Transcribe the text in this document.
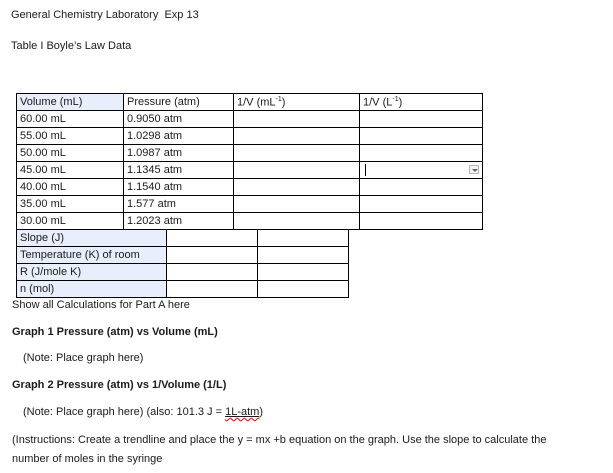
General Chemistry Laboratory Exp 13
Table I Boyle’s Law Data
Volume (mL)	Pressure (atm)	1/V $(mL^{-1})$	1/V $(L^{-1})$
60.00 mL	0.9050 atm		
55.00 mL	1.0298 atm		
50.00 mL	1.0987 atm		
45.00 mL	1.1345 atm		

40.00 mL	1.1540 atm		
35.00 mL	1.577 atm		
30.00 mL	1.2023 atm		
Slope (J)		
Temperature (K) of room		
R (J/mole K)		
n (mol)		
Show all Calculations for Part A here
Graph 1 Pressure (atm) vs Volume (mL)
(Note: Place graph here)
Graph 2 Pressure (atm) vs 1/Volume (1/L)
(Note: Place graph here) (also: 101.3 J = 1L-atm)
(Instructions: Create a trendline and place the y = mx +b equation on the graph. Use the slope to calculate the
number of moles in the syringe
